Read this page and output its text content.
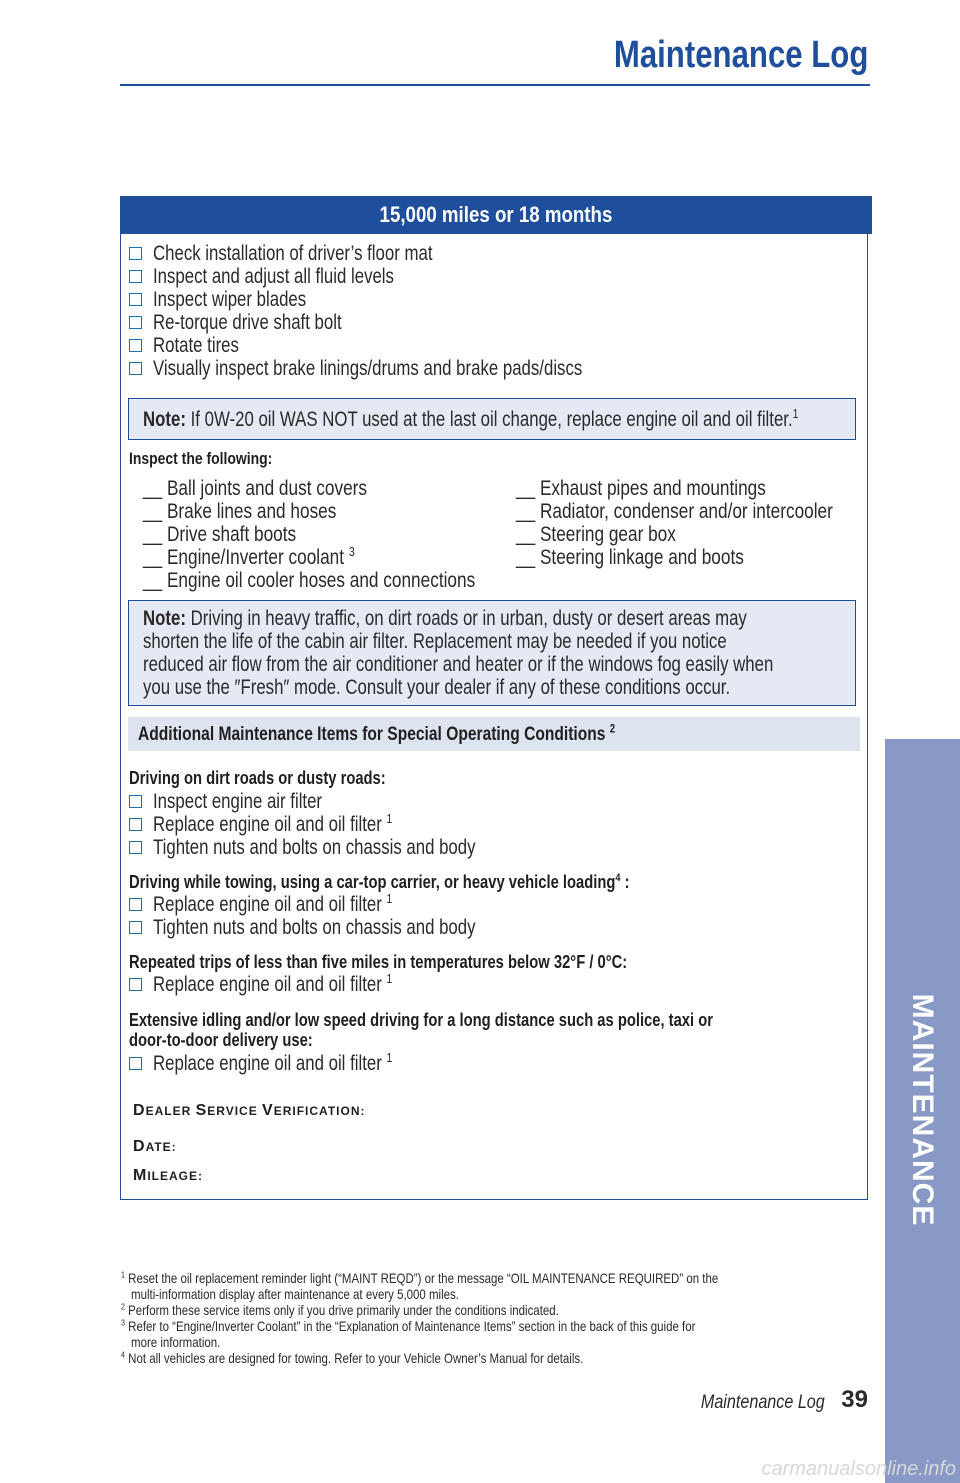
Maintenance Log
15,000 miles or 18 months
Check installation of driver’s floor mat
Inspect and adjust all fluid levels
Inspect wiper blades
Re-torque drive shaft bolt
Rotate tires
Visually inspect brake linings/drums and brake pads/discs
Note: If 0W-20 oil WAS NOT used at the last oil change, replace engine oil and oil filter.$^1$
Inspect the following:
__ Ball joints and dust covers
__ Brake lines and hoses
__ Drive shaft boots
__ Engine/Inverter coolant $^3$
__ Engine oil cooler hoses and connections
__ Exhaust pipes and mountings
__ Radiator, condenser and/or intercooler
__ Steering gear box
__ Steering linkage and boots
Note: Driving in heavy traffic, on dirt roads or in urban, dusty or desert areas may
shorten the life of the cabin air filter. Replacement may be needed if you notice
reduced air flow from the air conditioner and heater or if the windows fog easily when
you use the ″Fresh″ mode. Consult your dealer if any of these conditions occur.
Additional Maintenance Items for Special Operating Conditions $^2$
Driving on dirt roads or dusty roads:
Inspect engine air filter
Replace engine oil and oil filter $^1$
Tighten nuts and bolts on chassis and body
Driving while towing, using a car-top carrier, or heavy vehicle loading$^4$ :
Replace engine oil and oil filter $^1$
Tighten nuts and bolts on chassis and body
Repeated trips of less than five miles in temperatures below 32°F / 0°C:
Replace engine oil and oil filter $^1$
Extensive idling and/or low speed driving for a long distance such as police, taxi or
door-to-door delivery use:
Replace engine oil and oil filter $^1$
DEALER SERVICE VERIFICATION:
DATE:
MILEAGE:
$^1$ Reset the oil replacement reminder light (“MAINT REQD”) or the message “OIL MAINTENANCE REQUIRED” on the
multi-information display after maintenance at every 5,000 miles.
$^2$ Perform these service items only if you drive primarily under the conditions indicated.
$^3$ Refer to “Engine/Inverter Coolant” in the “Explanation of Maintenance Items” section in the back of this guide for
more information.
$^4$ Not all vehicles are designed for towing. Refer to your Vehicle Owner’s Manual for details.
Maintenance Log 39
MAINTENANCE
carmanualsonline.info
